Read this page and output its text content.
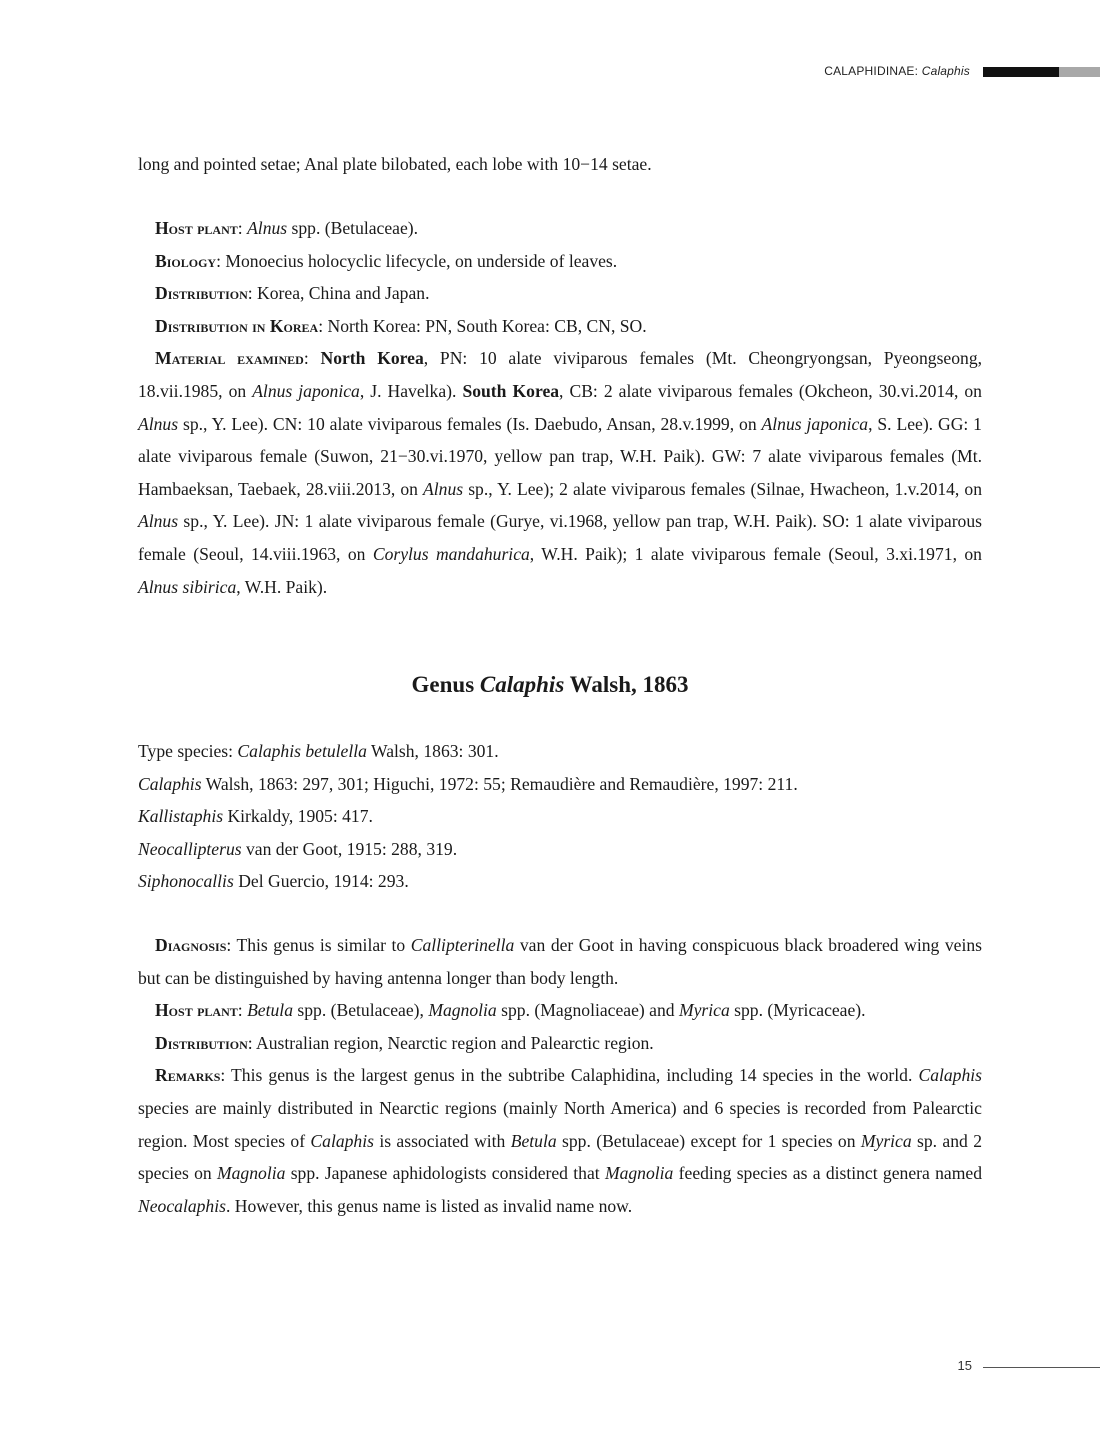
CALAPHIDINAE: Calaphis

long and pointed setae; Anal plate bilobated, each lobe with 10−14 setae.

Host plant: Alnus spp. (Betulaceae).

Biology: Monoecius holocyclic lifecycle, on underside of leaves.

Distribution: Korea, China and Japan.

Distribution in Korea: North Korea: PN, South Korea: CB, CN, SO.

Material examined: North Korea, PN: 10 alate viviparous females (Mt. Cheongryongsan, Pyeongseong, 18.vii.1985, on Alnus japonica, J. Havelka). South Korea, CB: 2 alate viviparous females (Okcheon, 30.vi.2014, on Alnus sp., Y. Lee). CN: 10 alate viviparous females (Is. Daebudo, Ansan, 28.v.1999, on Alnus japonica, S. Lee). GG: 1 alate viviparous female (Suwon, 21−30.vi.1970, yellow pan trap, W.H. Paik). GW: 7 alate viviparous females (Mt. Hambaeksan, Taebaek, 28.viii.2013, on Alnus sp., Y. Lee); 2 alate viviparous females (Silnae, Hwacheon, 1.v.2014, on Alnus sp., Y. Lee). JN: 1 alate viviparous female (Gurye, vi.1968, yellow pan trap, W.H. Paik). SO: 1 alate viviparous female (Seoul, 14.viii.1963, on Corylus mandahurica, W.H. Paik); 1 alate viviparous female (Seoul, 3.xi.1971, on Alnus sibirica, W.H. Paik).

Genus Calaphis Walsh, 1863

Type species: Calaphis betulella Walsh, 1863: 301.

Calaphis Walsh, 1863: 297, 301; Higuchi, 1972: 55; Remaudière and Remaudière, 1997: 211.

Kallistaphis Kirkaldy, 1905: 417.

Neocallipterus van der Goot, 1915: 288, 319.

Siphonocallis Del Guercio, 1914: 293.

Diagnosis: This genus is similar to Callipterinella van der Goot in having conspicuous black broadered wing veins but can be distinguished by having antenna longer than body length.

Host plant: Betula spp. (Betulaceae), Magnolia spp. (Magnoliaceae) and Myrica spp. (Myricaceae).

Distribution: Australian region, Nearctic region and Palearctic region.

Remarks: This genus is the largest genus in the subtribe Calaphidina, including 14 species in the world. Calaphis species are mainly distributed in Nearctic regions (mainly North America) and 6 species is recorded from Palearctic region. Most species of Calaphis is associated with Betula spp. (Betulaceae) except for 1 species on Myrica sp. and 2 species on Magnolia spp. Japanese aphidologists considered that Magnolia feeding species as a distinct genera named Neocalaphis. However, this genus name is listed as invalid name now.

15
